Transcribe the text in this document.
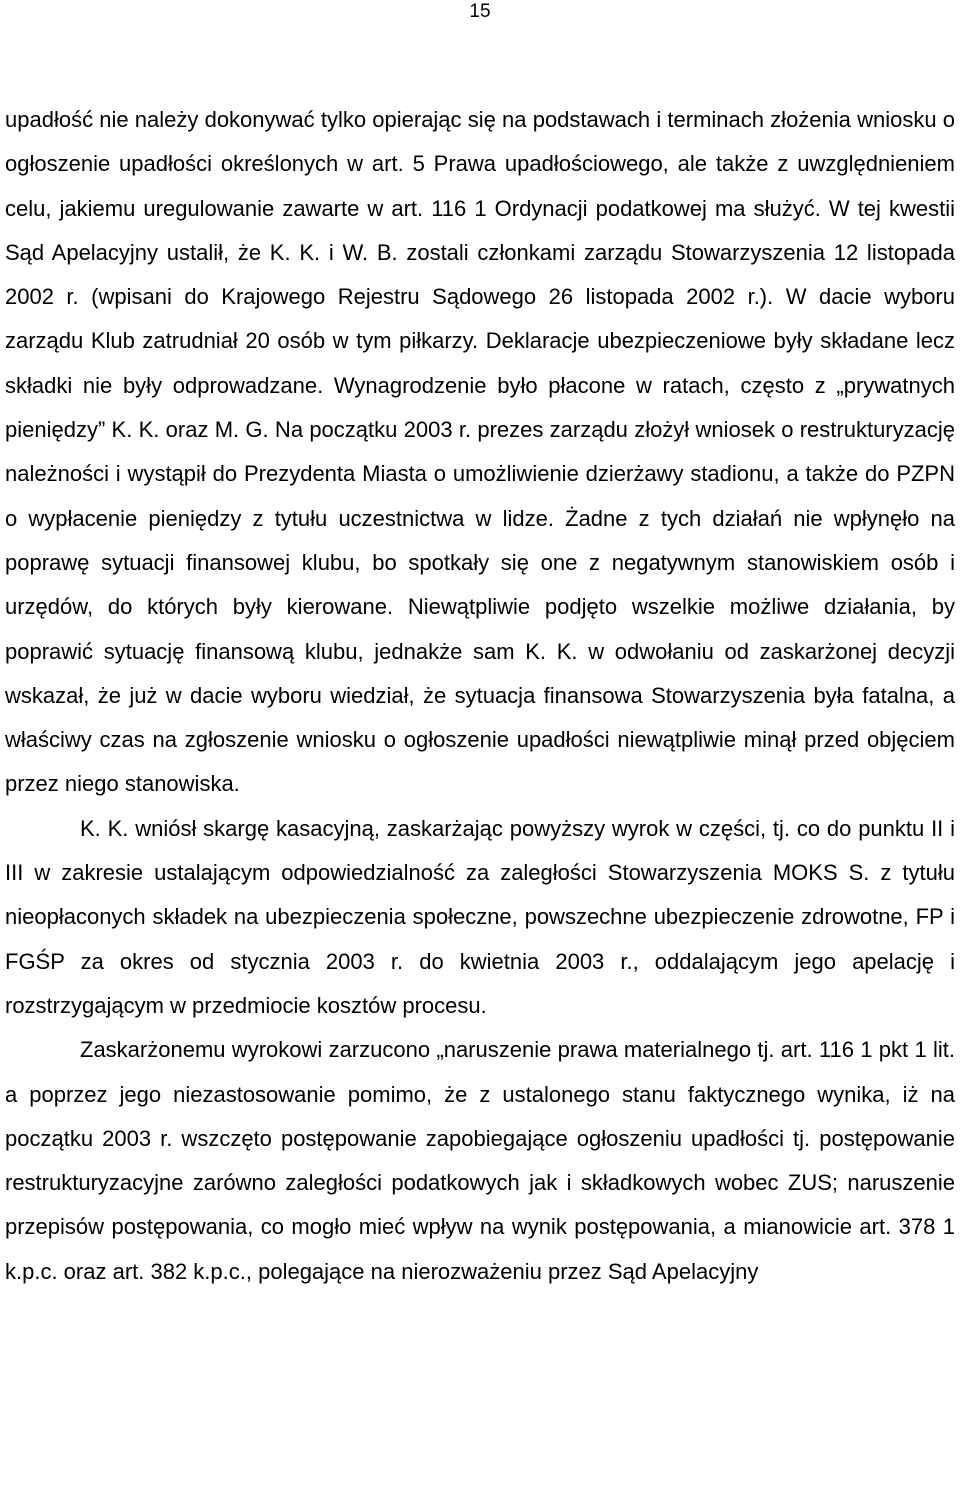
15

upadłość nie należy dokonywać tylko opierając się na podstawach i terminach złożenia wniosku o ogłoszenie upadłości określonych w art. 5 Prawa upadłościowego, ale także z uwzględnieniem celu, jakiemu uregulowanie zawarte w art. 116 1 Ordynacji podatkowej ma służyć. W tej kwestii Sąd Apelacyjny ustalił, że K. K. i W. B. zostali członkami zarządu Stowarzyszenia 12 listopada 2002 r. (wpisani do Krajowego Rejestru Sądowego 26 listopada 2002 r.). W dacie wyboru zarządu Klub zatrudniał 20 osób w tym piłkarzy. Deklaracje ubezpieczeniowe były składane lecz składki nie były odprowadzane. Wynagrodzenie było płacone w ratach, często z „prywatnych pieniędzy” K. K. oraz M. G. Na początku 2003 r. prezes zarządu złożył wniosek o restrukturyzację należności i wystąpił do Prezydenta Miasta o umożliwienie dzierżawy stadionu, a także do PZPN o wypłacenie pieniędzy z tytułu uczestnictwa w lidze. Żadne z tych działań nie wpłynęło na poprawę sytuacji finansowej klubu, bo spotkały się one z negatywnym stanowiskiem osób i urzędów, do których były kierowane. Niewątpliwie podjęto wszelkie możliwe działania, by poprawić sytuację finansową klubu, jednakże sam K. K. w odwołaniu od zaskarżonej decyzji wskazał, że już w dacie wyboru wiedział, że sytuacja finansowa Stowarzyszenia była fatalna, a właściwy czas na zgłoszenie wniosku o ogłoszenie upadłości niewątpliwie minął przed objęciem przez niego stanowiska.

K. K. wniósł skargę kasacyjną, zaskarżając powyższy wyrok w części, tj. co do punktu II i III w zakresie ustalającym odpowiedzialność za zaległości Stowarzyszenia MOKS S. z tytułu nieopłaconych składek na ubezpieczenia społeczne, powszechne ubezpieczenie zdrowotne, FP i FGŚP za okres od stycznia 2003 r. do kwietnia 2003 r., oddalającym jego apelację i rozstrzygającym w przedmiocie kosztów procesu.

Zaskarżonemu wyrokowi zarzucono „naruszenie prawa materialnego tj. art. 116 1 pkt 1 lit. a poprzez jego niezastosowanie pomimo, że z ustalonego stanu faktycznego wynika, iż na początku 2003 r. wszczęto postępowanie zapobiegające ogłoszeniu upadłości tj. postępowanie restrukturyzacyjne zarówno zaległości podatkowych jak i składkowych wobec ZUS; naruszenie przepisów postępowania, co mogło mieć wpływ na wynik postępowania, a mianowicie art. 378 1 k.p.c. oraz art. 382 k.p.c., polegające na nierozważeniu przez Sąd Apelacyjny
